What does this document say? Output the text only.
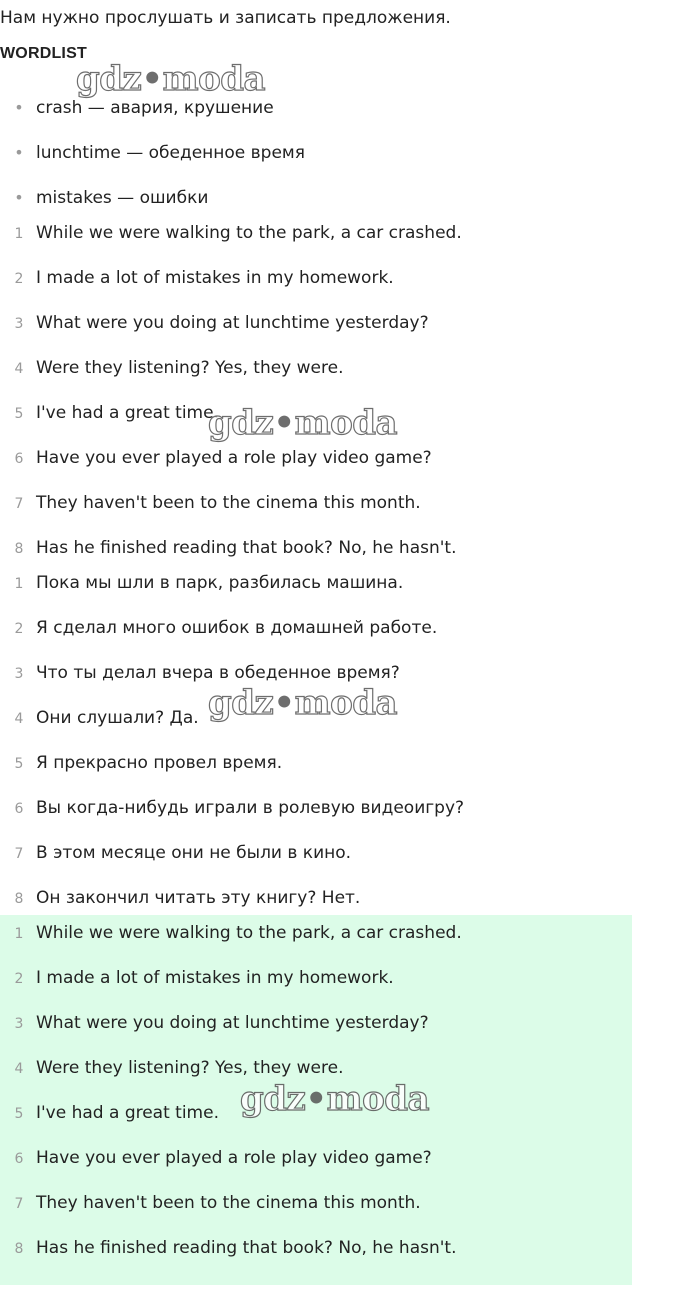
Нам нужно прослушать и записать предложения.
WORDLIST
• crash — авария, крушение
• lunchtime — обеденное время
• mistakes — ошибки
1 While we were walking to the park, a car crashed.
2 I made a lot of mistakes in my homework.
3 What were you doing at lunchtime yesterday?
4 Were they listening? Yes, they were.
5 I've had a great time.
6 Have you ever played a role play video game?
7 They haven't been to the cinema this month.
8 Has he finished reading that book? No, he hasn't.
1 Пока мы шли в парк, разбилась машина.
2 Я сделал много ошибок в домашней работе.
3 Что ты делал вчера в обеденное время?
4 Они слушали? Да.
5 Я прекрасно провел время.
6 Вы когда-нибудь играли в ролевую видеоигру?
7 В этом месяце они не были в кино.
8 Он закончил читать эту книгу? Нет.
1 While we were walking to the park, a car crashed.
2 I made a lot of mistakes in my homework.
3 What were you doing at lunchtime yesterday?
4 Were they listening? Yes, they were.
5 I've had a great time.
6 Have you ever played a role play video game?
7 They haven't been to the cinema this month.
8 Has he finished reading that book? No, he hasn't.
gdz•moda
gdz•moda
gdz•moda
gdz•moda
